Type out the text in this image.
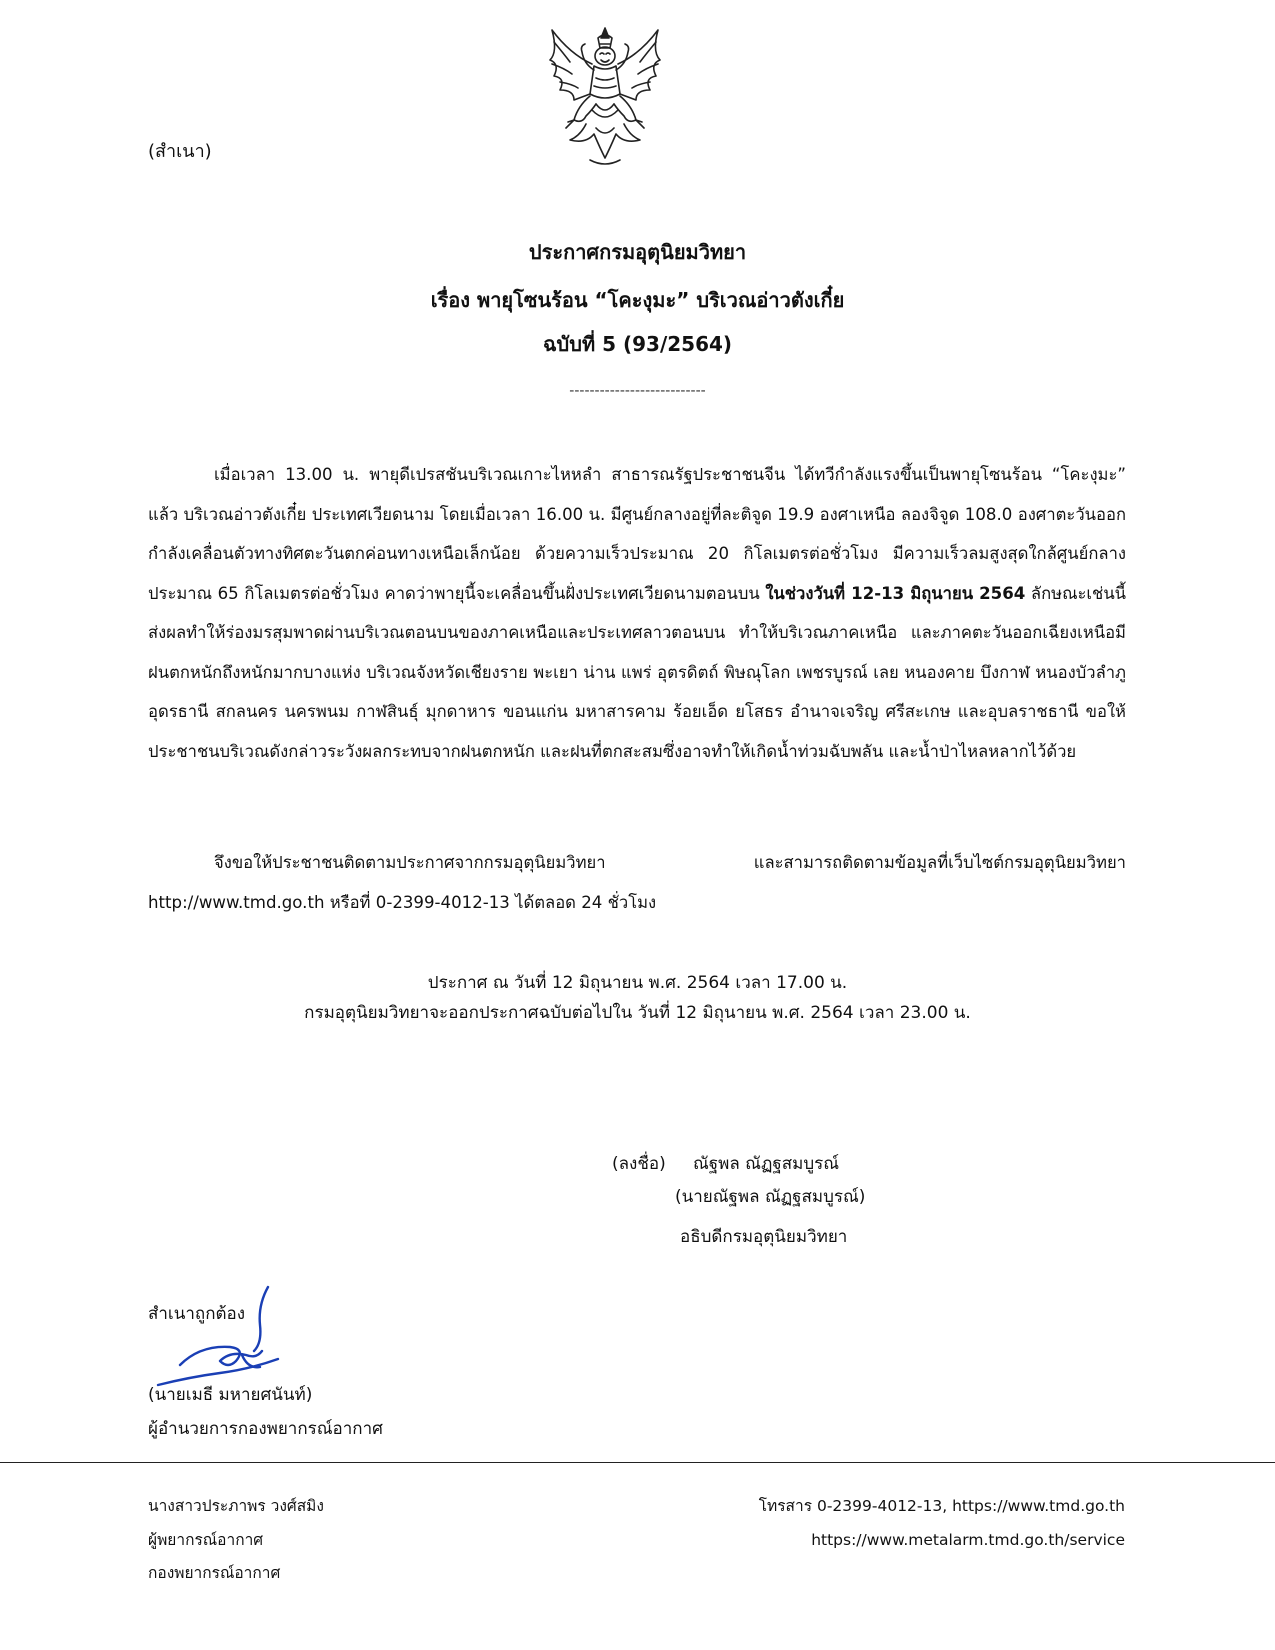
(สำเนา)
ประกาศกรมอุตุนิยมวิทยา
เรื่อง พายุโซนร้อน “โคะงุมะ” บริเวณอ่าวตังเกี๋ย
ฉบับที่ 5 (93/2564)
---------------------------
เมื่อเวลา 13.00 น. พายุดีเปรสชันบริเวณเกาะไหหลำ สาธารณรัฐประชาชนจีน ได้ทวีกำลังแรงขึ้นเป็นพายุโซนร้อน “โคะงุมะ” แล้ว บริเวณอ่าวตังเกี๋ย ประเทศเวียดนาม โดยเมื่อเวลา 16.00 น. มีศูนย์กลางอยู่ที่ละติจูด 19.9 องศาเหนือ ลองจิจูด 108.0 องศาตะวันออก กำลังเคลื่อนตัวทางทิศตะวันตกค่อนทางเหนือเล็กน้อย ด้วยความเร็วประมาณ 20 กิโลเมตรต่อชั่วโมง มีความเร็วลมสูงสุดใกล้ศูนย์กลาง ประมาณ 65 กิโลเมตรต่อชั่วโมง คาดว่าพายุนี้จะเคลื่อนขึ้นฝั่งประเทศเวียดนามตอนบน ในช่วงวันที่ 12-13 มิถุนายน 2564 ลักษณะเช่นนี้ส่งผลทำให้ร่องมรสุมพาดผ่านบริเวณตอนบนของภาคเหนือและประเทศลาวตอนบน ทำให้บริเวณภาคเหนือ และภาคตะวันออกเฉียงเหนือมีฝนตกหนักถึงหนักมากบางแห่ง บริเวณจังหวัดเชียงราย พะเยา น่าน แพร่ อุตรดิตถ์ พิษณุโลก เพชรบูรณ์ เลย หนองคาย บึงกาฬ หนองบัวลำภู อุดรธานี สกลนคร นครพนม กาฬสินธุ์ มุกดาหาร ขอนแก่น มหาสารคาม ร้อยเอ็ด ยโสธร อำนาจเจริญ ศรีสะเกษ และอุบลราชธานี ขอให้ประชาชนบริเวณดังกล่าวระวังผลกระทบจากฝนตกหนัก และฝนที่ตกสะสมซึ่งอาจทำให้เกิดน้ำท่วมฉับพลัน และน้ำป่าไหลหลากไว้ด้วย
จึงขอให้ประชาชนติดตามประกาศจากกรมอุตุนิยมวิทยา และสามารถติดตามข้อมูลที่เว็บไซต์กรมอุตุนิยมวิทยา http://www.tmd.go.th หรือที่ 0-2399-4012-13 ได้ตลอด 24 ชั่วโมง
ประกาศ ณ วันที่ 12 มิถุนายน พ.ศ. 2564 เวลา 17.00 น.
กรมอุตุนิยมวิทยาจะออกประกาศฉบับต่อไปใน วันที่ 12 มิถุนายน พ.ศ. 2564 เวลา 23.00 น.
(ลงชื่อ) ณัฐพล ณัฏฐสมบูรณ์
(นายณัฐพล ณัฏฐสมบูรณ์)
อธิบดีกรมอุตุนิยมวิทยา
สำเนาถูกต้อง
(นายเมธี มหายศนันท์)
ผู้อำนวยการกองพยากรณ์อากาศ
นางสาวประภาพร วงศ์สมิง
ผู้พยากรณ์อากาศ
กองพยากรณ์อากาศ
โทรสาร 0-2399-4012-13, https://www.tmd.go.th
https://www.metalarm.tmd.go.th/service
